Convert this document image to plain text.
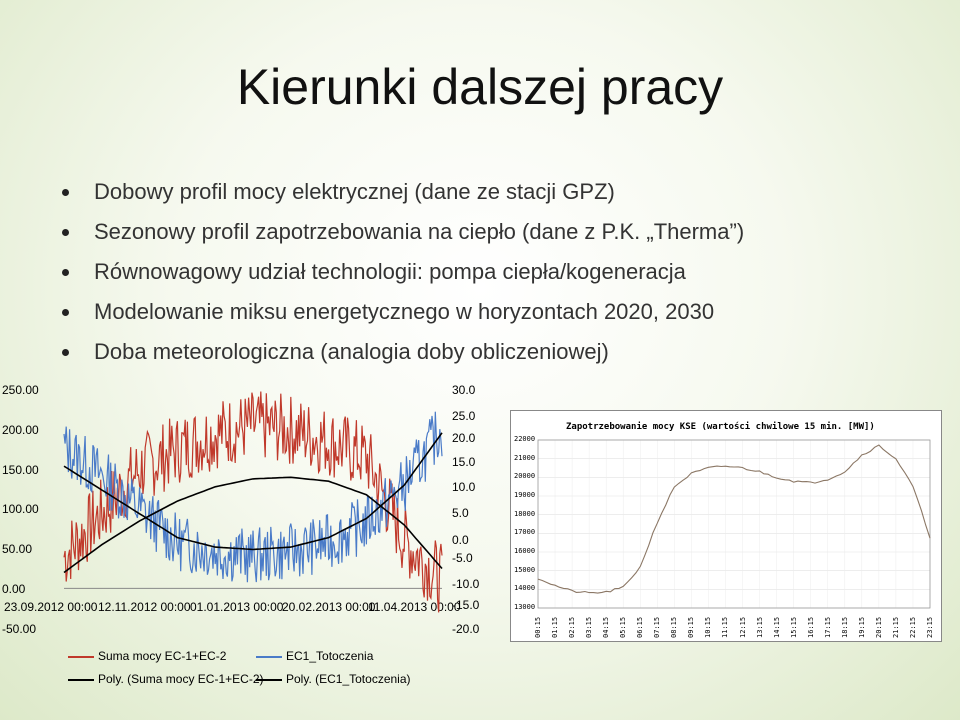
Kierunki dalszej pracy
Dobowy profil mocy elektrycznej (dane ze stacji GPZ)
Sezonowy profil zapotrzebowania na ciepło (dane z P.K. „Therma”)
Równowagowy udział technologii: pompa ciepła/kogeneracja
Modelowanie miksu energetycznego w horyzontach 2020, 2030
Doba meteorologiczna (analogia doby obliczeniowej)
250.00
200.00
150.00
100.00
50.00
0.00
-50.00
30.0
25.0
20.0
15.0
10.0
5.0
0.0
-5.0
-10.0
-15.0
-20.0
23.09.2012 00:00 12.11.2012 00:00 01.01.2013 00:00
20.02.2013 00:00
11.04.2013 00:00
Suma mocy EC-1+EC-2	EC1_Totoczenia
Poly. (Suma mocy EC-1+EC-2)	Poly. (EC1_Totoczenia)
Zapotrzebowanie mocy KSE (wartości chwilowe 15 min. [MW])
22000
21000
20000
19000
18000
17000
16000
15000
14000
13000
00:15 01:15 02:15 03:15 04:15 05:15 06:15 07:15 08:15 09:15 10:15 11:15 12:15 13:15 14:15 15:15 16:15 17:15 18:15 19:15 20:15 21:15 22:15 23:15
